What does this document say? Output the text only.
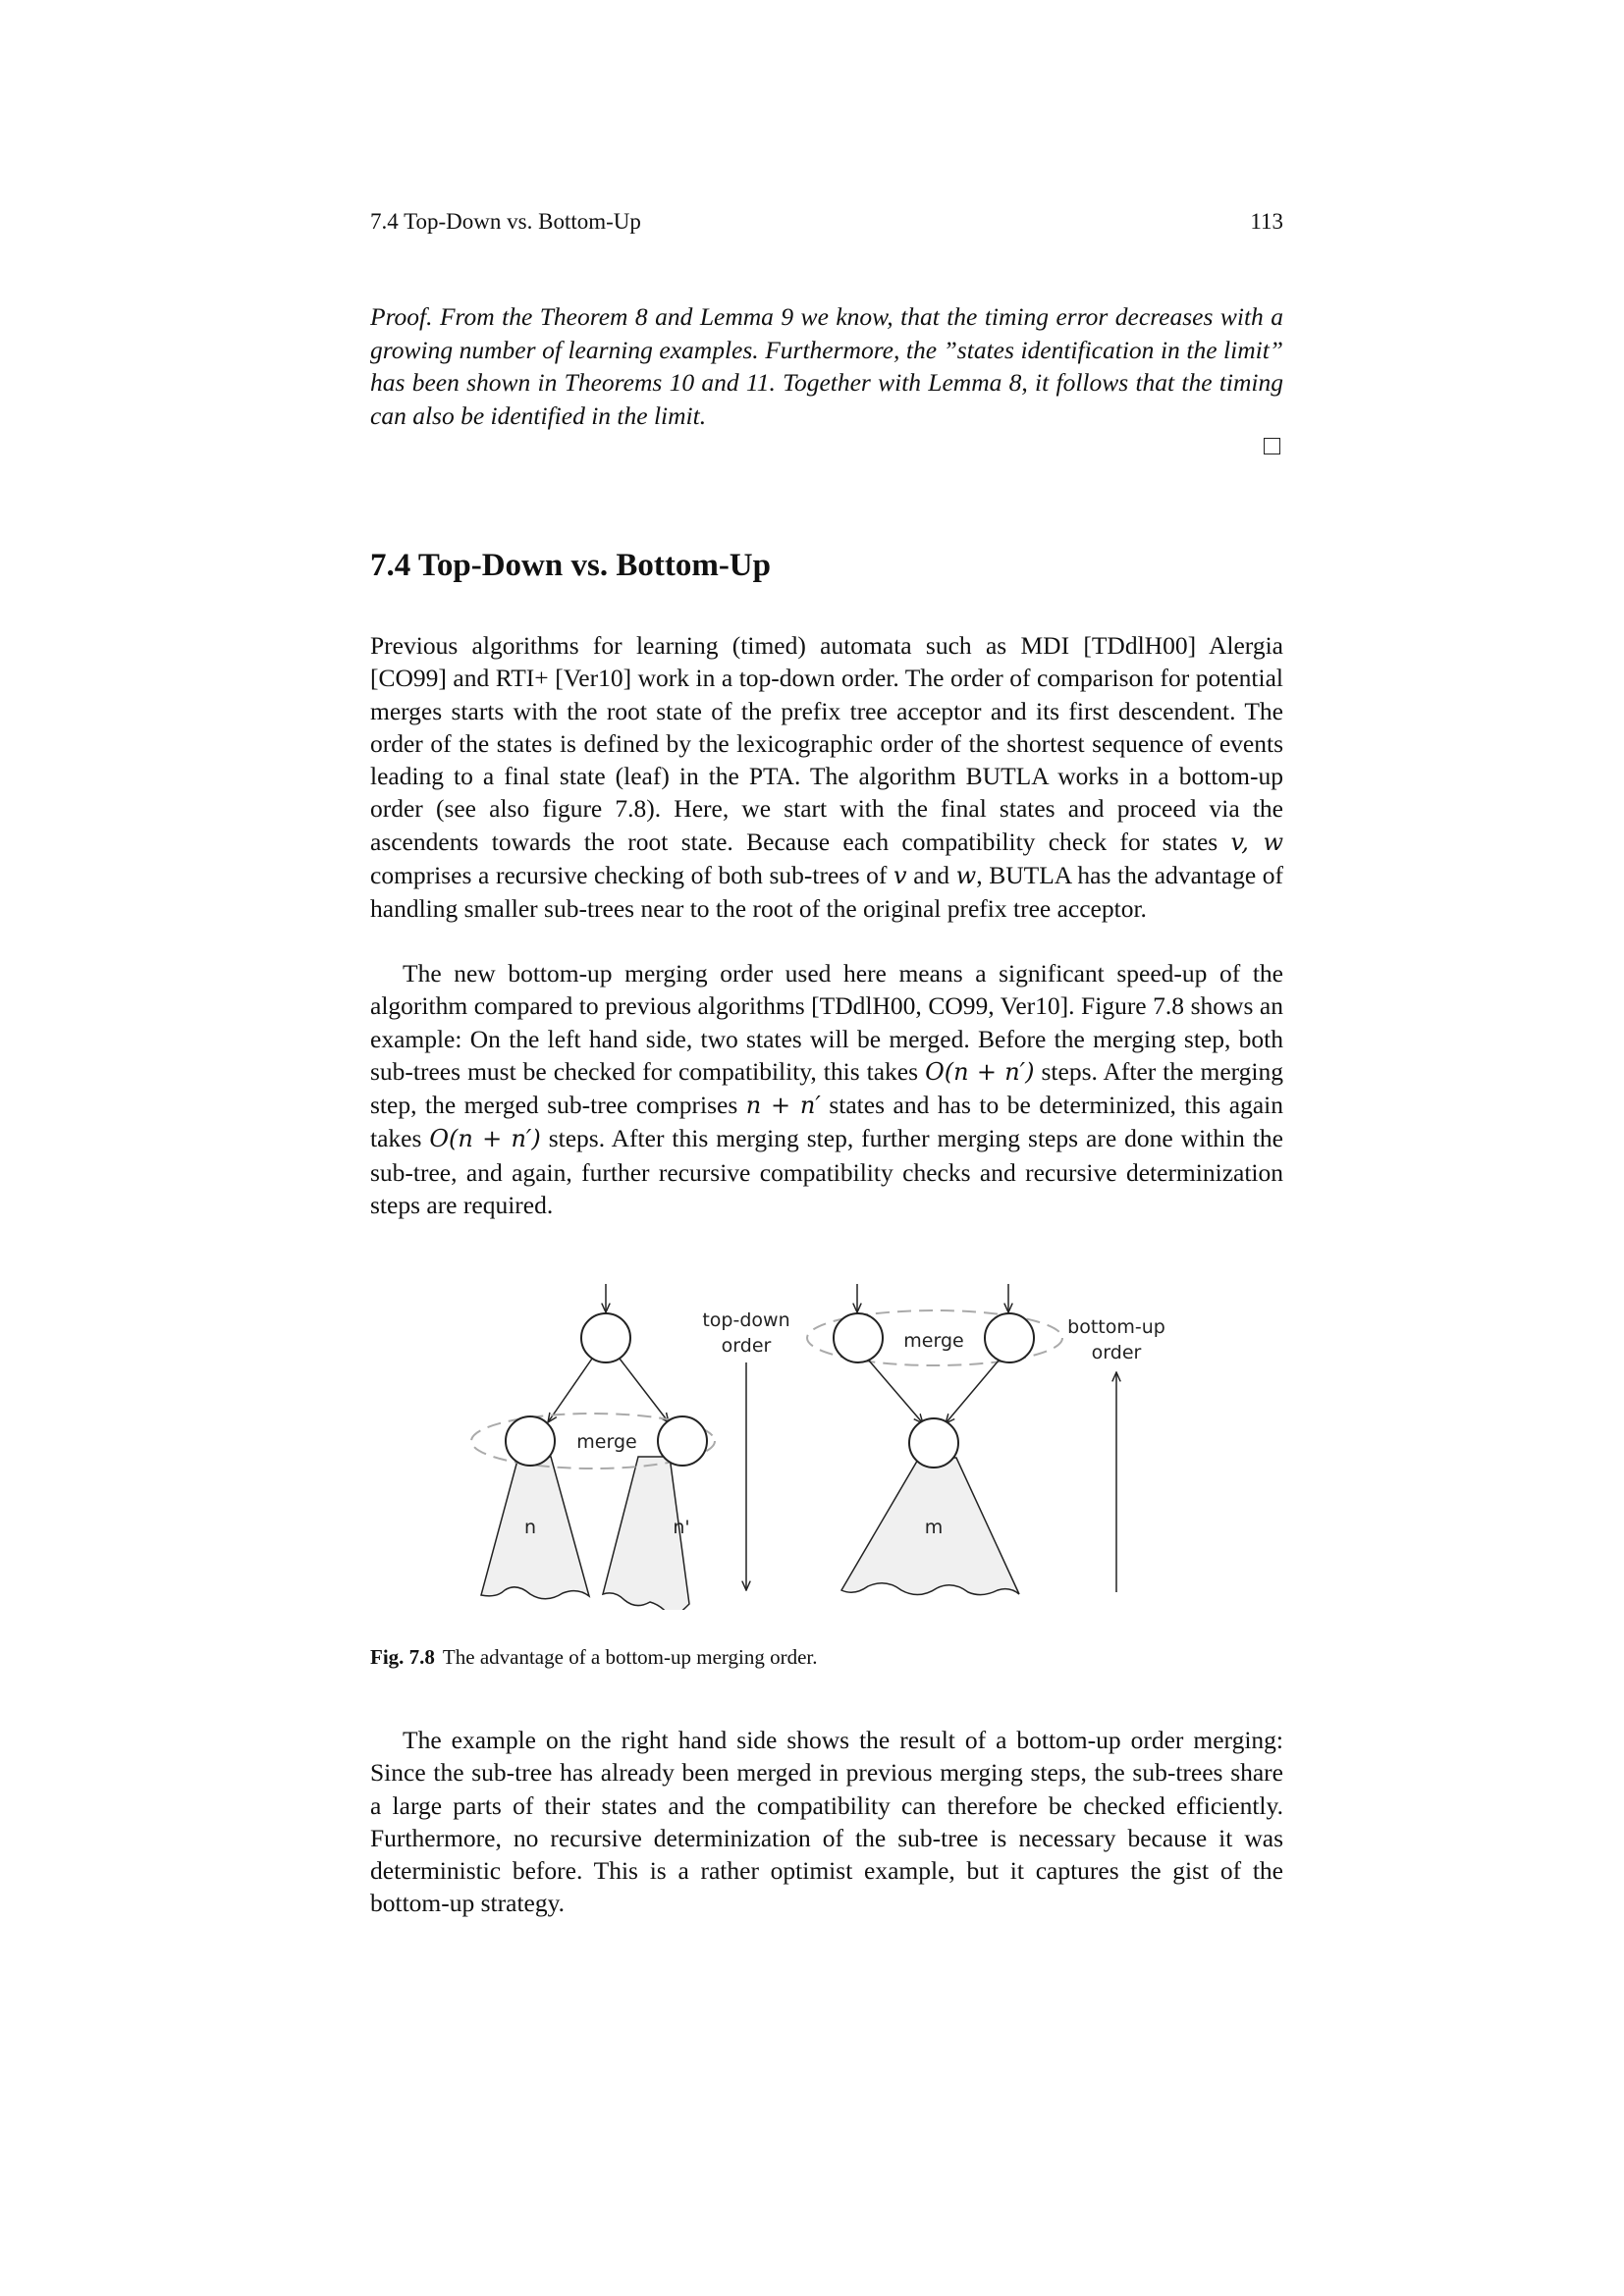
7.4 Top-Down vs. Bottom-Up	113

Proof. From the Theorem 8 and Lemma 9 we know, that the timing error decreases with a growing number of learning examples. Furthermore, the ”states identification in the limit” has been shown in Theorems 10 and 11. Together with Lemma 8, it follows that the timing can also be identified in the limit.

7.4 Top-Down vs. Bottom-Up

Previous algorithms for learning (timed) automata such as MDI [TDdlH00] Alergia [CO99] and RTI+ [Ver10] work in a top-down order. The order of comparison for potential merges starts with the root state of the prefix tree acceptor and its first descendent. The order of the states is defined by the lexicographic order of the shortest sequence of events leading to a final state (leaf) in the PTA. The algorithm BUTLA works in a bottom-up order (see also figure 7.8). Here, we start with the final states and proceed via the ascendents towards the root state. Because each compatibility check for states v, w comprises a recursive checking of both sub-trees of v and w, BUTLA has the advantage of handling smaller sub-trees near to the root of the original prefix tree acceptor.

The new bottom-up merging order used here means a significant speed-up of the algorithm compared to previous algorithms [TDdlH00, CO99, Ver10]. Figure 7.8 shows an example: On the left hand side, two states will be merged. Before the merging step, both sub-trees must be checked for compatibility, this takes O(n + n′) steps. After the merging step, the merged sub-tree comprises n + n′ states and has to be determinized, this again takes O(n + n′) steps. After this merging step, further merging steps are done within the sub-tree, and again, further recursive compatibility checks and recursive determinization steps are required.

merge
n	n'
top-down
order	merge
m
bottom-up
order

Fig. 7.8 The advantage of a bottom-up merging order.

The example on the right hand side shows the result of a bottom-up order merging: Since the sub-tree has already been merged in previous merging steps, the sub-trees share a large parts of their states and the compatibility can therefore be checked efficiently. Furthermore, no recursive determinization of the sub-tree is necessary because it was deterministic before. This is a rather optimist example, but it captures the gist of the bottom-up strategy.
